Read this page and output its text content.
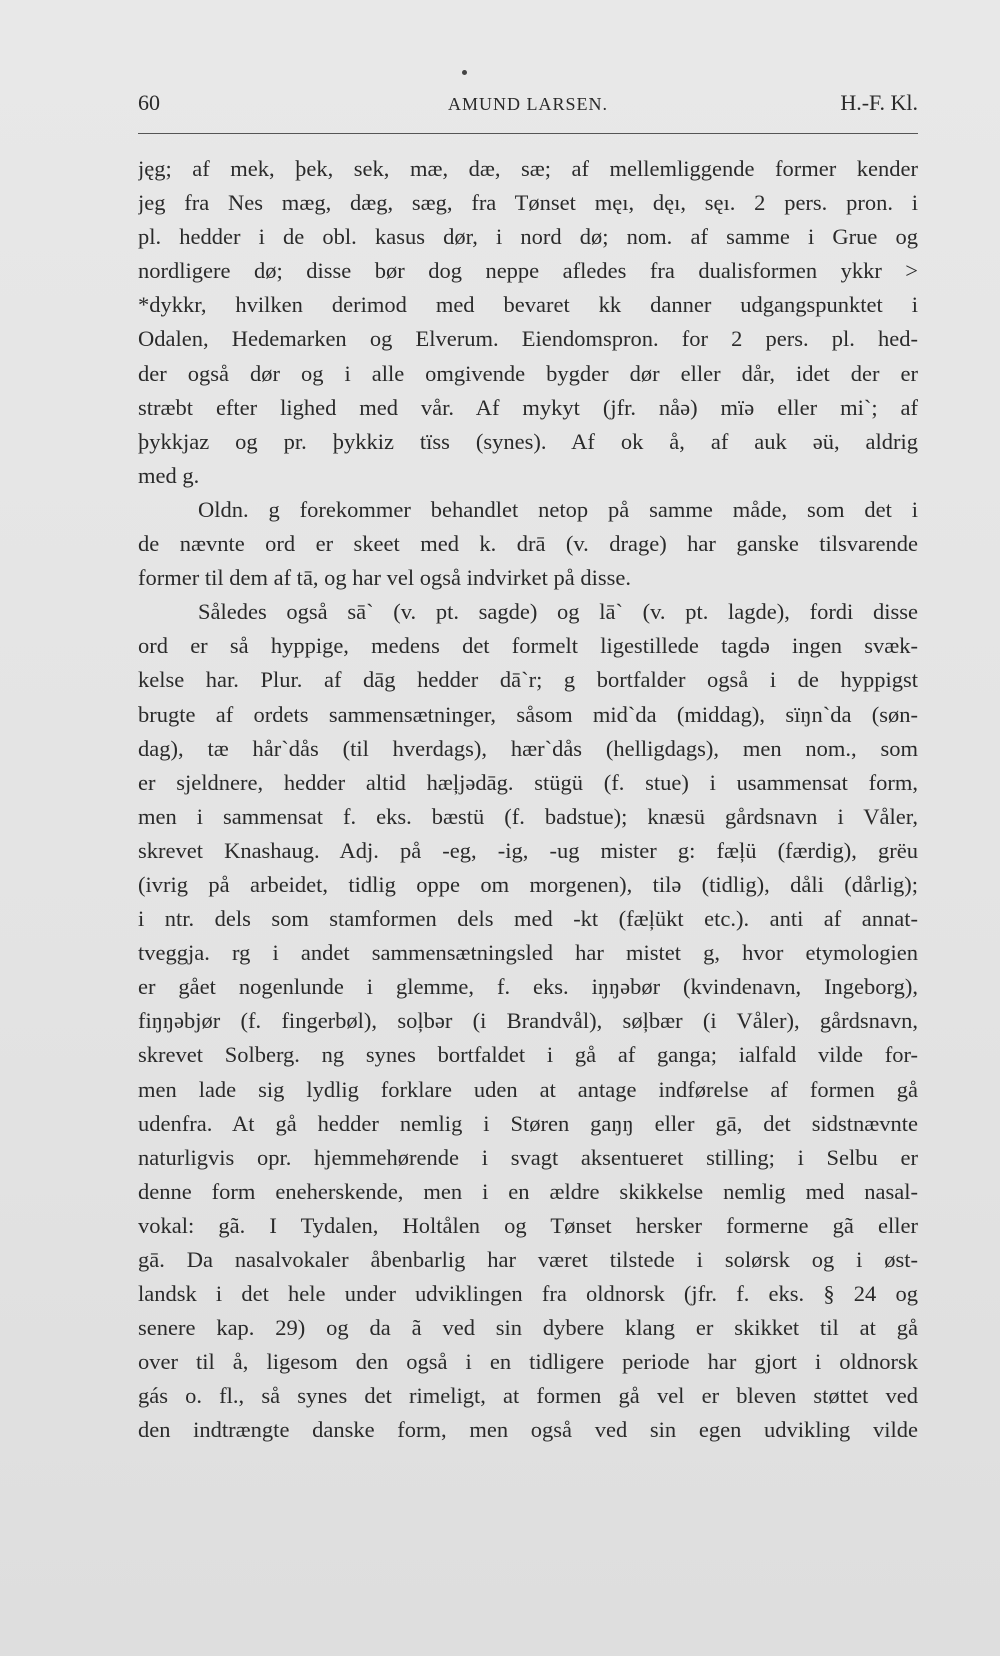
60	AMUND LARSEN.	H.-F. Kl.
jęg; af mek, þek, sek, mæ, dæ, sæ; af mellemliggende former kender
jeg fra Nes mæg, dæg, sæg, fra Tønset męı, dęı, sęı. 2 pers. pron. i
pl. hedder i de obl. kasus dør, i nord dø; nom. af samme i Grue og
nordligere dø; disse bør dog neppe afledes fra dualisformen ykkr >
*dykkr, hvilken derimod med bevaret kk danner udgangspunktet i
Odalen, Hedemarken og Elverum. Eiendomspron. for 2 pers. pl. hed-
der også dør og i alle omgivende bygder dør eller dår, idet der er
stræbt efter lighed med vår. Af mykyt (jfr. nåə) mïə eller mi`; af
þykkjaz og pr. þykkiz tïss (synes). Af ok å, af auk əü, aldrig
med g.
Oldn. g forekommer behandlet netop på samme måde, som det i
de nævnte ord er skeet med k. drā (v. drage) har ganske tilsvarende
former til dem af tā, og har vel også indvirket på disse.
Således også sā` (v. pt. sagde) og lā` (v. pt. lagde), fordi disse
ord er så hyppige, medens det formelt ligestillede tagdə ingen svæk-
kelse har. Plur. af dāg hedder dā`r; g bortfalder også i de hyppigst
brugte af ordets sammensætninger, såsom mid`da (middag), sïŋn`da (søn-
dag), tæ hår`dås (til hverdags), hær`dås (helligdags), men nom., som
er sjeldnere, hedder altid hæļjədāg. stügü (f. stue) i usammensat form,
men i sammensat f. eks. bæstü (f. badstue); knæsü gårdsnavn i Våler,
skrevet Knashaug. Adj. på -eg, -ig, -ug mister g: fæļü (færdig), grëu
(ivrig på arbeidet, tidlig oppe om morgenen), tilə (tidlig), dåli (dårlig);
i ntr. dels som stamformen dels med -kt (fæļükt etc.). anti af annat-
tveggja. rg i andet sammensætningsled har mistet g, hvor etymologien
er gået nogenlunde i glemme, f. eks. iŋŋəbør (kvindenavn, Ingeborg),
fiŋŋəbjør (f. fingerbøl), soļbər (i Brandvål), søļbær (i Våler), gårdsnavn,
skrevet Solberg. ng synes bortfaldet i gå af ganga; ialfald vilde for-
men lade sig lydlig forklare uden at antage indførelse af formen gå
udenfra. At gå hedder nemlig i Støren gaŋŋ eller gā, det sidstnævnte
naturligvis opr. hjemmehørende i svagt aksentueret stilling; i Selbu er
denne form eneherskende, men i en ældre skikkelse nemlig med nasal-
vokal: gã. I Tydalen, Holtålen og Tønset hersker formerne gã eller
gā. Da nasalvokaler åbenbarlig har været tilstede i solørsk og i øst-
landsk i det hele under udviklingen fra oldnorsk (jfr. f. eks. § 24 og
senere kap. 29) og da ã ved sin dybere klang er skikket til at gå
over til å, ligesom den også i en tidligere periode har gjort i oldnorsk
gás o. fl., så synes det rimeligt, at formen gå vel er bleven støttet ved
den indtrængte danske form, men også ved sin egen udvikling vilde
